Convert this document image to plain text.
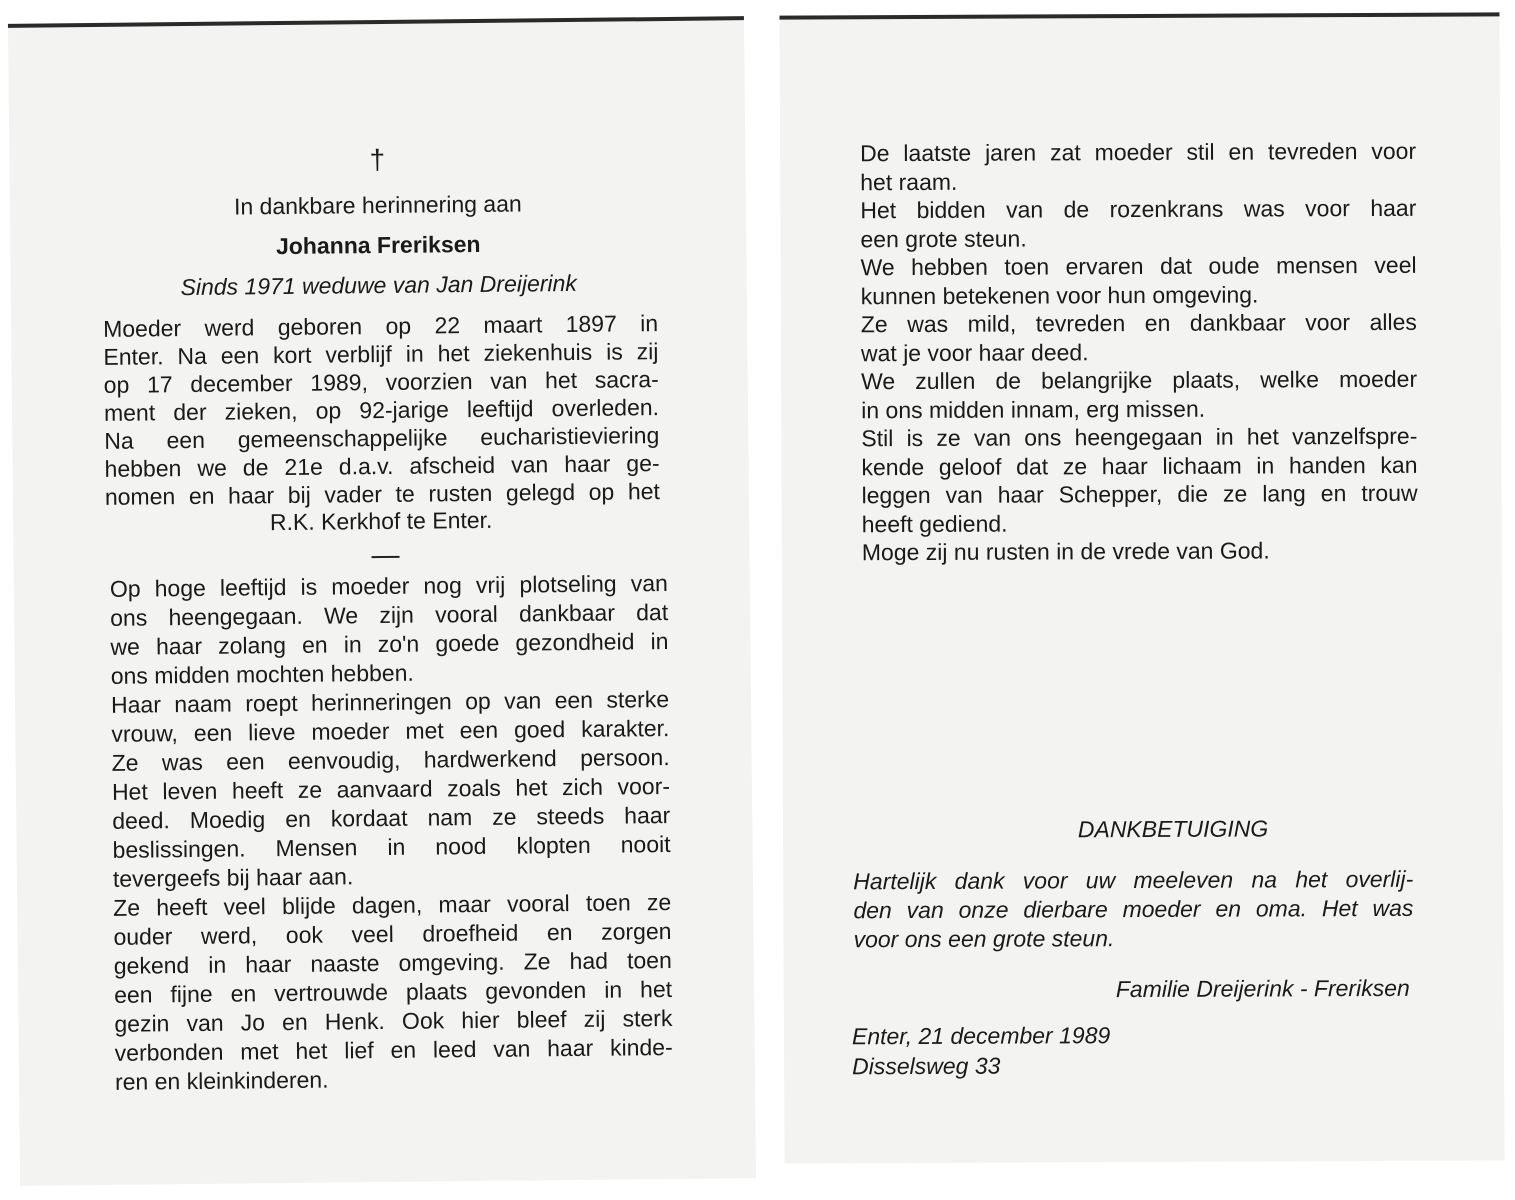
†
In dankbare herinnering aan
Johanna Freriksen
Sinds 1971 weduwe van Jan Dreijerink
Moeder werd geboren op 22 maart 1897 in
Enter. Na een kort verblijf in het ziekenhuis is zij
op 17 december 1989, voorzien van het sacra-
ment der zieken, op 92-jarige leeftijd overleden.
Na een gemeenschappelijke eucharistieviering
hebben we de 21e d.a.v. afscheid van haar ge-
nomen en haar bij vader te rusten gelegd op het
R.K. Kerkhof te Enter.
Op hoge leeftijd is moeder nog vrij plotseling van
ons heengegaan. We zijn vooral dankbaar dat
we haar zolang en in zo'n goede gezondheid in
ons midden mochten hebben.
Haar naam roept herinneringen op van een sterke
vrouw, een lieve moeder met een goed karakter.
Ze was een eenvoudig, hardwerkend persoon.
Het leven heeft ze aanvaard zoals het zich voor-
deed. Moedig en kordaat nam ze steeds haar
beslissingen. Mensen in nood klopten nooit
tevergeefs bij haar aan.
Ze heeft veel blijde dagen, maar vooral toen ze
ouder werd, ook veel droefheid en zorgen
gekend in haar naaste omgeving. Ze had toen
een fijne en vertrouwde plaats gevonden in het
gezin van Jo en Henk. Ook hier bleef zij sterk
verbonden met het lief en leed van haar kinde-
ren en kleinkinderen.
De laatste jaren zat moeder stil en tevreden voor
het raam.
Het bidden van de rozenkrans was voor haar
een grote steun.
We hebben toen ervaren dat oude mensen veel
kunnen betekenen voor hun omgeving.
Ze was mild, tevreden en dankbaar voor alles
wat je voor haar deed.
We zullen de belangrijke plaats, welke moeder
in ons midden innam, erg missen.
Stil is ze van ons heengegaan in het vanzelfspre-
kende geloof dat ze haar lichaam in handen kan
leggen van haar Schepper, die ze lang en trouw
heeft gediend.
Moge zij nu rusten in de vrede van God.
DANKBETUIGING
Hartelijk dank voor uw meeleven na het overlij-
den van onze dierbare moeder en oma. Het was
voor ons een grote steun.
Familie Dreijerink - Freriksen
Enter, 21 december 1989
Disselsweg 33
